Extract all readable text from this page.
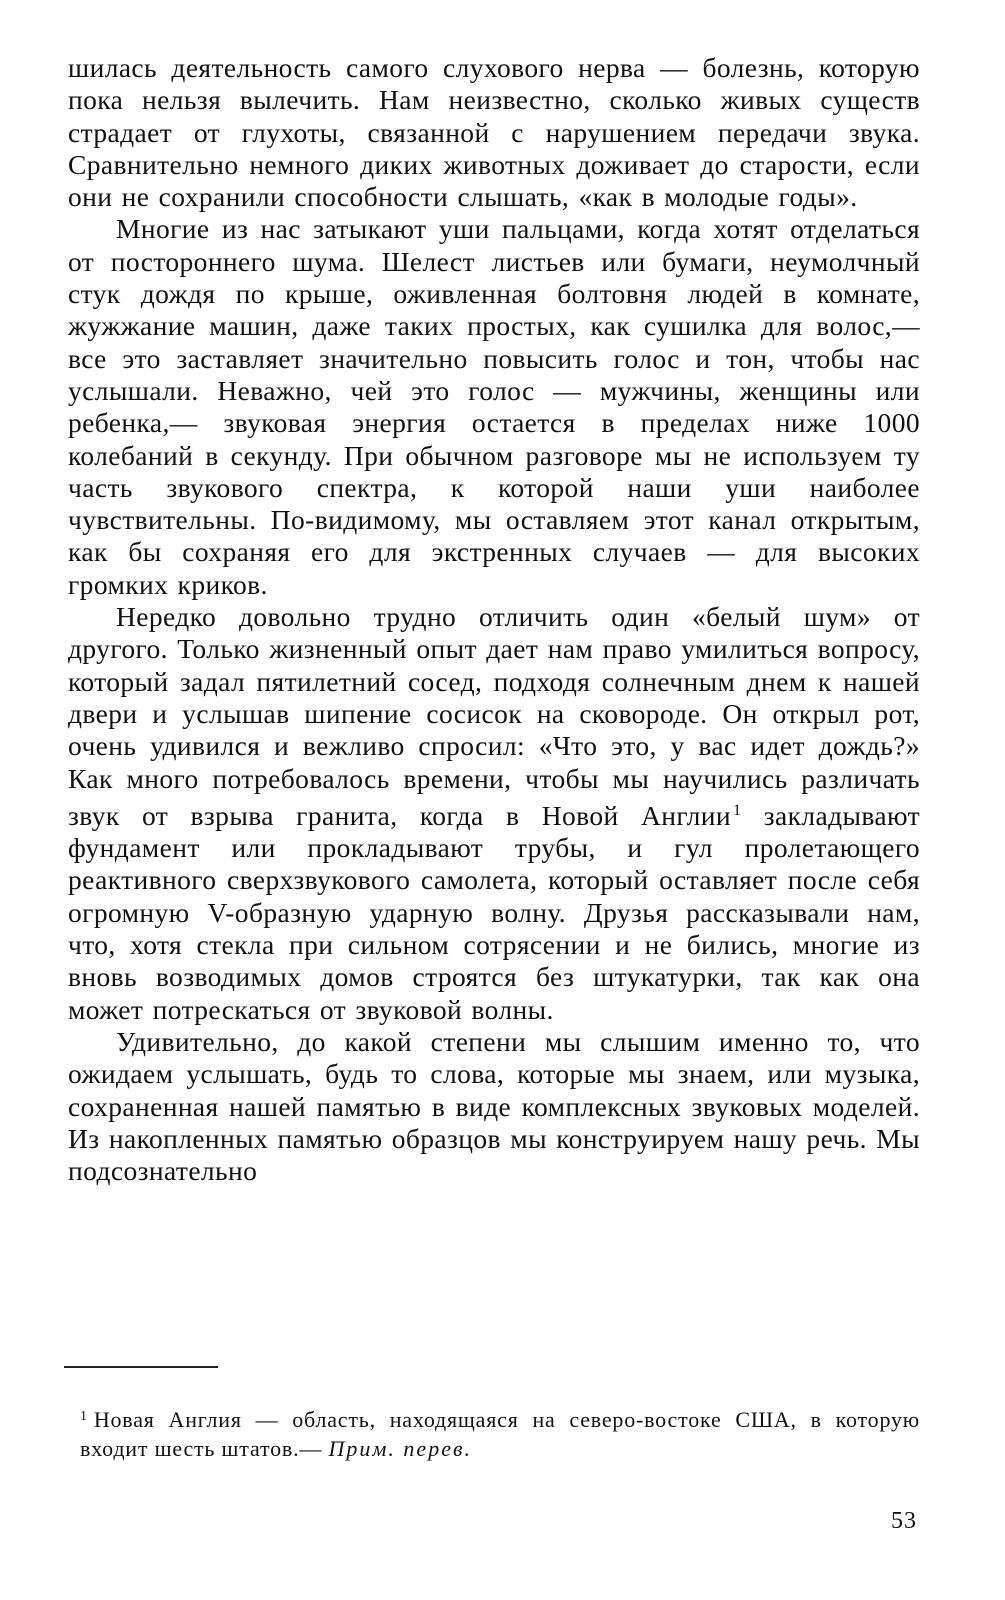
шилась деятельность самого слухового нерва — болезнь, которую пока нельзя вылечить. Нам неизвестно, сколько живых существ страдает от глухоты, связанной с нарушением передачи звука. Сравнительно немного диких животных доживает до старости, если они не сохранили способности слышать, «как в молодые годы».

Многие из нас затыкают уши пальцами, когда хотят отделаться от постороннего шума. Шелест листьев или бумаги, неумолчный стук дождя по крыше, оживленная болтовня людей в комнате, жужжание машин, даже таких простых, как сушилка для волос,— все это заставляет значительно повысить голос и тон, чтобы нас услышали. Неважно, чей это голос — мужчины, женщины или ребенка,— звуковая энергия остается в пределах ниже 1000 колебаний в секунду. При обычном разговоре мы не используем ту часть звукового спектра, к которой наши уши наиболее чувствительны. По-видимому, мы оставляем этот канал открытым, как бы сохраняя его для экстренных случаев — для высоких громких криков.

Нередко довольно трудно отличить один «белый шум» от другого. Только жизненный опыт дает нам право умилиться вопросу, который задал пятилетний сосед, подходя солнечным днем к нашей двери и услышав шипение сосисок на сковороде. Он открыл рот, очень удивился и вежливо спросил: «Что это, у вас идет дождь?» Как много потребовалось времени, чтобы мы научились различать звук от взрыва гранита, когда в Новой Англии $^1$ закладывают фундамент или прокладывают трубы, и гул пролетающего реактивного сверхзвукового самолета, который оставляет после себя огромную V-образную ударную волну. Друзья рассказывали нам, что, хотя стекла при сильном сотрясении и не бились, многие из вновь возводимых домов строятся без штукатурки, так как она может потрескаться от звуковой волны.

Удивительно, до какой степени мы слышим именно то, что ожидаем услышать, будь то слова, которые мы знаем, или музыка, сохраненная нашей памятью в виде комплексных звуковых моделей. Из накопленных памятью образцов мы конструируем нашу речь. Мы подсознательно

$^1$ Новая Англия — область, находящаяся на северо-востоке США, в которую входит шесть штатов.— Прим. перев.

53
